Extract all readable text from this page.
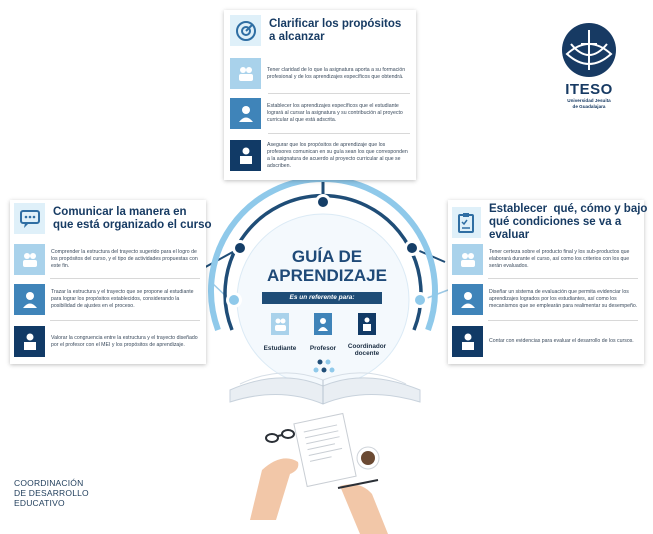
Clarificar los propósitos
a alcanzar
Tener claridad de lo que la asignatura aporta a su formación profesional y de los aprendizajes específicos que obtendrá.
Establecer los aprendizajes específicos que el estudiante logrará al cursar la asignatura y su contribución al proyecto curricular al que está adscrita.
Asegurar que los propósitos de aprendizaje que los profesores comunican en su guía sean los que corresponden a la asignatura de acuerdo al proyecto curricular al que se adscriben.
Comunicar la manera en
que está organizado el curso
Comprender la estructura del trayecto sugerido para el logro de los propósitos del curso, y el tipo de actividades propuestas con este fin.
Trazar la estructura y el trayecto que se propone al estudiante para lograr los propósitos establecidos, considerando la posibilidad de ajustes en el proceso.
Valorar la congruencia entre la estructura y el trayecto diseñado por el profesor con el MEI y los propósitos de aprendizaje.
Establecer  qué, cómo y bajo
qué condiciones se va a evaluar
Tener certeza sobre el producto final y los sub-productos que elaborará durante el curso, así como los criterios con los que serán evaluados.
Diseñar un sistema de evaluación que permita evidenciar los aprendizajes logrados por los estudiantes, así como los mecanismos que se emplearán para realimentar su desempeño.
Contar con evidencias para evaluar el desarrollo de los cursos.
GUÍA DE
APRENDIZAJE
Es un referente para:
Estudiante	Profesor	Coordinador
docente
ITESO
Universidad Jesuita
de Guadalajara
COORDINACIÓN
DE DESARROLLO
EDUCATIVO
